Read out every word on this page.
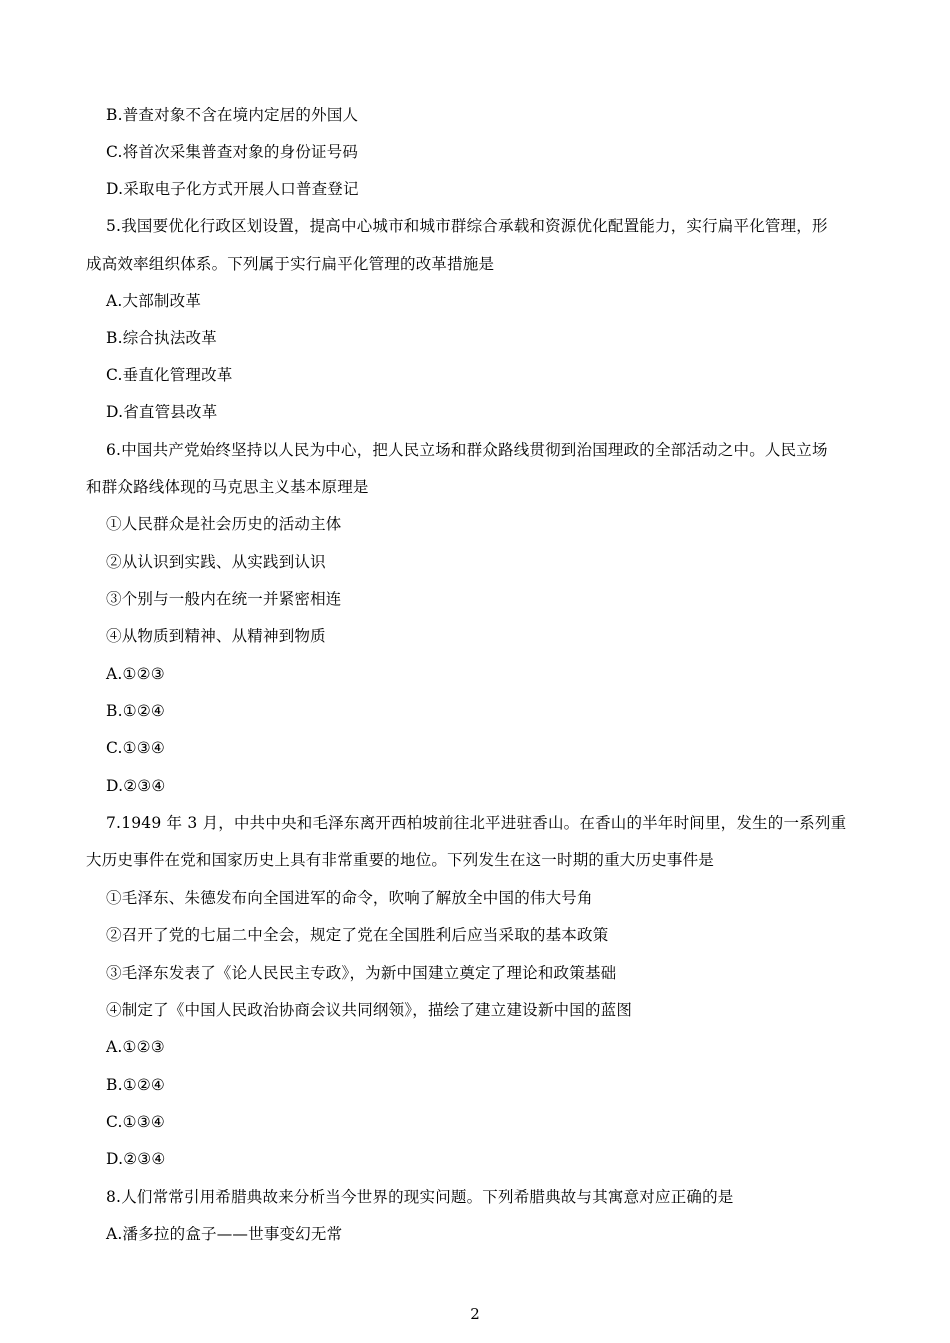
B.普查对象不含在境内定居的外国人
C.将首次采集普查对象的身份证号码
D.采取电子化方式开展人口普查登记
5.我国要优化行政区划设置，提高中心城市和城市群综合承载和资源优化配置能力，实行扁平化管理，形
成高效率组织体系。下列属于实行扁平化管理的改革措施是
A.大部制改革
B.综合执法改革
C.垂直化管理改革
D.省直管县改革
6.中国共产党始终坚持以人民为中心，把人民立场和群众路线贯彻到治国理政的全部活动之中。人民立场
和群众路线体现的马克思主义基本原理是
①人民群众是社会历史的活动主体
②从认识到实践、从实践到认识
③个别与一般内在统一并紧密相连
④从物质到精神、从精神到物质
A.①②③
B.①②④
C.①③④
D.②③④
7.1949 年 3 月，中共中央和毛泽东离开西柏坡前往北平进驻香山。在香山的半年时间里，发生的一系列重
大历史事件在党和国家历史上具有非常重要的地位。下列发生在这一时期的重大历史事件是
①毛泽东、朱德发布向全国进军的命令，吹响了解放全中国的伟大号角
②召开了党的七届二中全会，规定了党在全国胜利后应当采取的基本政策
③毛泽东发表了《论人民民主专政》，为新中国建立奠定了理论和政策基础
④制定了《中国人民政治协商会议共同纲领》，描绘了建立建设新中国的蓝图
A.①②③
B.①②④
C.①③④
D.②③④
8.人们常常引用希腊典故来分析当今世界的现实问题。下列希腊典故与其寓意对应正确的是
A.潘多拉的盒子——世事变幻无常
2
